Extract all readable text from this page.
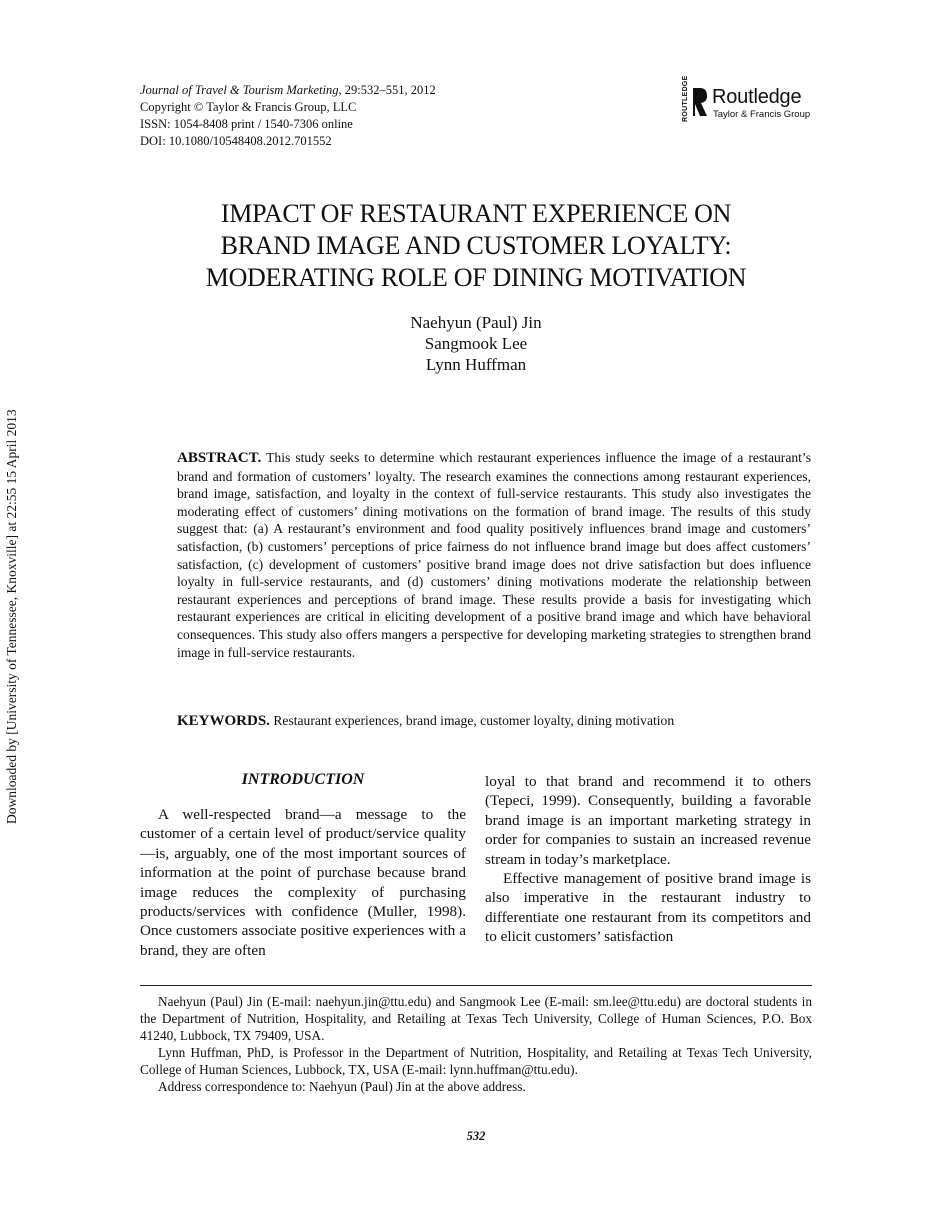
Journal of Travel & Tourism Marketing, 29:532–551, 2012
Copyright © Taylor & Francis Group, LLC
ISSN: 1054-8408 print / 1540-7306 online
DOI: 10.1080/10548408.2012.701552
ROUTLEDGE Routledge
Taylor & Francis Group
Downloaded by [University of Tennessee, Knoxville] at 22:55 15 April 2013
IMPACT OF RESTAURANT EXPERIENCE ON
BRAND IMAGE AND CUSTOMER LOYALTY:
MODERATING ROLE OF DINING MOTIVATION
Naehyun (Paul) Jin
Sangmook Lee
Lynn Huffman
ABSTRACT. This study seeks to determine which restaurant experiences influence the image of a restaurant’s brand and formation of customers’ loyalty. The research examines the connections among restaurant experiences, brand image, satisfaction, and loyalty in the context of full-service restaurants. This study also investigates the moderating effect of customers’ dining motivations on the formation of brand image. The results of this study suggest that: (a) A restaurant’s environment and food quality positively influences brand image and customers’ satisfaction, (b) customers’ perceptions of price fairness do not influence brand image but does affect customers’ satisfaction, (c) development of customers’ positive brand image does not drive satisfaction but does influence loyalty in full-service restaurants, and (d) customers’ dining motivations moderate the relationship between restaurant experiences and perceptions of brand image. These results provide a basis for investigating which restaurant experiences are critical in eliciting development of a positive brand image and which have behavioral consequences. This study also offers mangers a perspective for developing marketing strategies to strengthen brand image in full-service restaurants.
KEYWORDS. Restaurant experiences, brand image, customer loyalty, dining motivation
INTRODUCTION

A well-respected brand—a message to the customer of a certain level of product/service quality—is, arguably, one of the most important sources of information at the point of purchase because brand image reduces the complexity of purchasing products/services with confidence (Muller, 1998). Once customers associate positive experiences with a brand, they are often

loyal to that brand and recommend it to others (Tepeci, 1999). Consequently, building a favorable brand image is an important marketing strategy in order for companies to sustain an increased revenue stream in today’s marketplace.

Effective management of positive brand image is also imperative in the restaurant industry to differentiate one restaurant from its competitors and to elicit customers’ satisfaction

Naehyun (Paul) Jin (E-mail: naehyun.jin@ttu.edu) and Sangmook Lee (E-mail: sm.lee@ttu.edu) are doctoral students in the Department of Nutrition, Hospitality, and Retailing at Texas Tech University, College of Human Sciences, P.O. Box 41240, Lubbock, TX 79409, USA.

Lynn Huffman, PhD, is Professor in the Department of Nutrition, Hospitality, and Retailing at Texas Tech University, College of Human Sciences, Lubbock, TX, USA (E-mail: lynn.huffman@ttu.edu).

Address correspondence to: Naehyun (Paul) Jin at the above address.

532
